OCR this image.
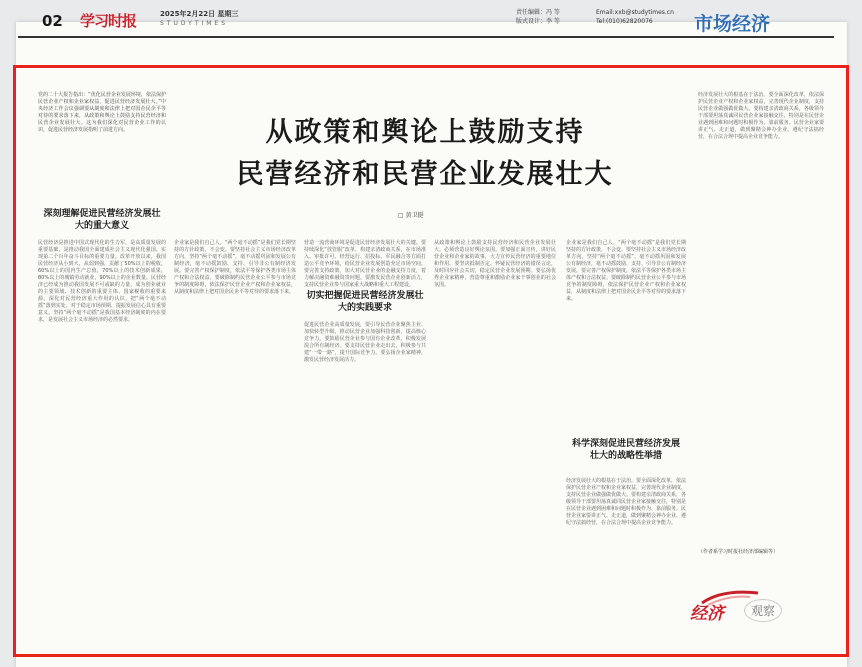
02 学习时报	2025年2月22日 星期三
STUDYTIMES
责任编辑：冯 等
版式设计：李 等
Email:xxb@studytimes.cn
Tel:(010)62820076	市场经济
党的二十大报告指出：“优化民营企业发展环境，依法保护民营企业产权和企业家权益，促进民营经济发展壮大。”中央经济工作会议强调要从制度和法律上把对国企民企平等对待的要求落下来，从政策和舆论上鼓励支持民营经济和民营企业发展壮大。这为我们深化对民营企业工作的认识，促进民营经济发展指明了前进方向。
深刻理解促进民营经济发展壮大的重大意义
民营经济是推进中国式现代化的生力军，是高质量发展的重要基础，是推动我国全面建成社会主义现代化强国、实现第二个百年奋斗目标的重要力量。改革开放以来，我国民营经济从小到大、从弱到强，贡献了50%以上的税收，60%以上的国内生产总值，70%以上的技术创新成果，80%以上的城镇劳动就业，90%以上的企业数量。民营经济已经成为推动我国发展不可或缺的力量，成为创业就业的主要领域、技术创新的重要主体、国家税收的重要来源。深化对民营经济重大作用的认识，把“两个毫不动摇”落到实处，对于稳定市场预期、提振发展信心具有重要意义。坚持“两个毫不动摇”是我国基本经济制度的内在要求，是发展社会主义市场经济的必然要求。
从政策和舆论上鼓励支持
民营经济和民营企业发展壮大
▢ 黄卫挺
企业家是我们自己人。“两个毫不动摇”是我们党长期坚持的方针政策，不会变。要坚持社会主义市场经济改革方向，坚持“两个毫不动摇”，毫不动摇巩固和发展公有制经济，毫不动摇鼓励、支持、引导非公有制经济发展。要完善产权保护制度，依法平等保护各类市场主体产权和合法权益。要破除制约民营企业公平参与市场竞争的制度障碍，依法保护民营企业产权和企业家权益，从制度和法律上把对国企民企平等对待的要求落下来。 切实把握促进民营经济发展壮大的实践要求
营造一流营商环境是促进民营经济发展壮大的关键。要持续深化“放管服”改革，构建亲清政商关系，在市场准入、审批许可、经营运行、招投标、军民融合等方面打造公平竞争环境，给民营企业发展创造充足市场空间。要完善支持政策，加大对民营企业的金融支持力度，着力解决融资难融资贵问题。要激发民营企业创新活力，支持民营企业参与国家重大战略和重大工程建设。
促进民营企业高质量发展，要引导民营企业聚焦主业、加快转型升级，推动民营企业加强科技创新，提高核心竞争力。要鼓励民营企业参与国有企业改革，积极发展混合所有制经济。要支持民营企业走出去，积极参与共建“一带一路”，提升国际竞争力。要弘扬企业家精神，激发民营经济发展活力。
从政策和舆论上鼓励支持民营经济和民营企业发展壮大，必须营造良好舆论氛围。要加强正面宣传，讲好民营企业和企业家的故事，大力宣传民营经济的重要地位和作用。要坚决抵制否定、怀疑民营经济的错误言论，及时回应社会关切，稳定民营企业发展预期。要弘扬优秀企业家精神，营造尊重和激励企业家干事创业的社会氛围。
企业家是我们自己人。“两个毫不动摇”是我们党长期坚持的方针政策，不会变。要坚持社会主义市场经济改革方向，坚持“两个毫不动摇”，毫不动摇巩固和发展公有制经济，毫不动摇鼓励、支持、引导非公有制经济发展。要完善产权保护制度，依法平等保护各类市场主体产权和合法权益。要破除制约民营企业公平参与市场竞争的制度障碍，依法保护民营企业产权和企业家权益，从制度和法律上把对国企民企平等对待的要求落下来。
科学深刻促进民营经济发展壮大的战略性举措
经济发展壮大的根基在于法治。要全面深化改革，依法保护民营企业产权和企业家权益，完善现代企业制度，支持民营企业做强做优做大。要构建亲清政商关系，各级领导干部要坦荡真诚同民营企业家接触交往，特别是在民营企业遇到困难和问题时积极作为、靠前服务。民营企业家要讲正气、走正道，做到聚精会神办企业、遵纪守法搞经营，在合法合规中提高企业竞争能力。
经济发展壮大的根基在于法治。要全面深化改革，依法保护民营企业产权和企业家权益，完善现代企业制度，支持民营企业做强做优做大。要构建亲清政商关系，各级领导干部要坦荡真诚同民营企业家接触交往，特别是在民营企业遇到困难和问题时积极作为、靠前服务。民营企业家要讲正气、走正道，做到聚精会神办企业、遵纪守法搞经营，在合法合规中提高企业竞争能力。
（作者系学习时报社经济部编辑等）
经济	观察
